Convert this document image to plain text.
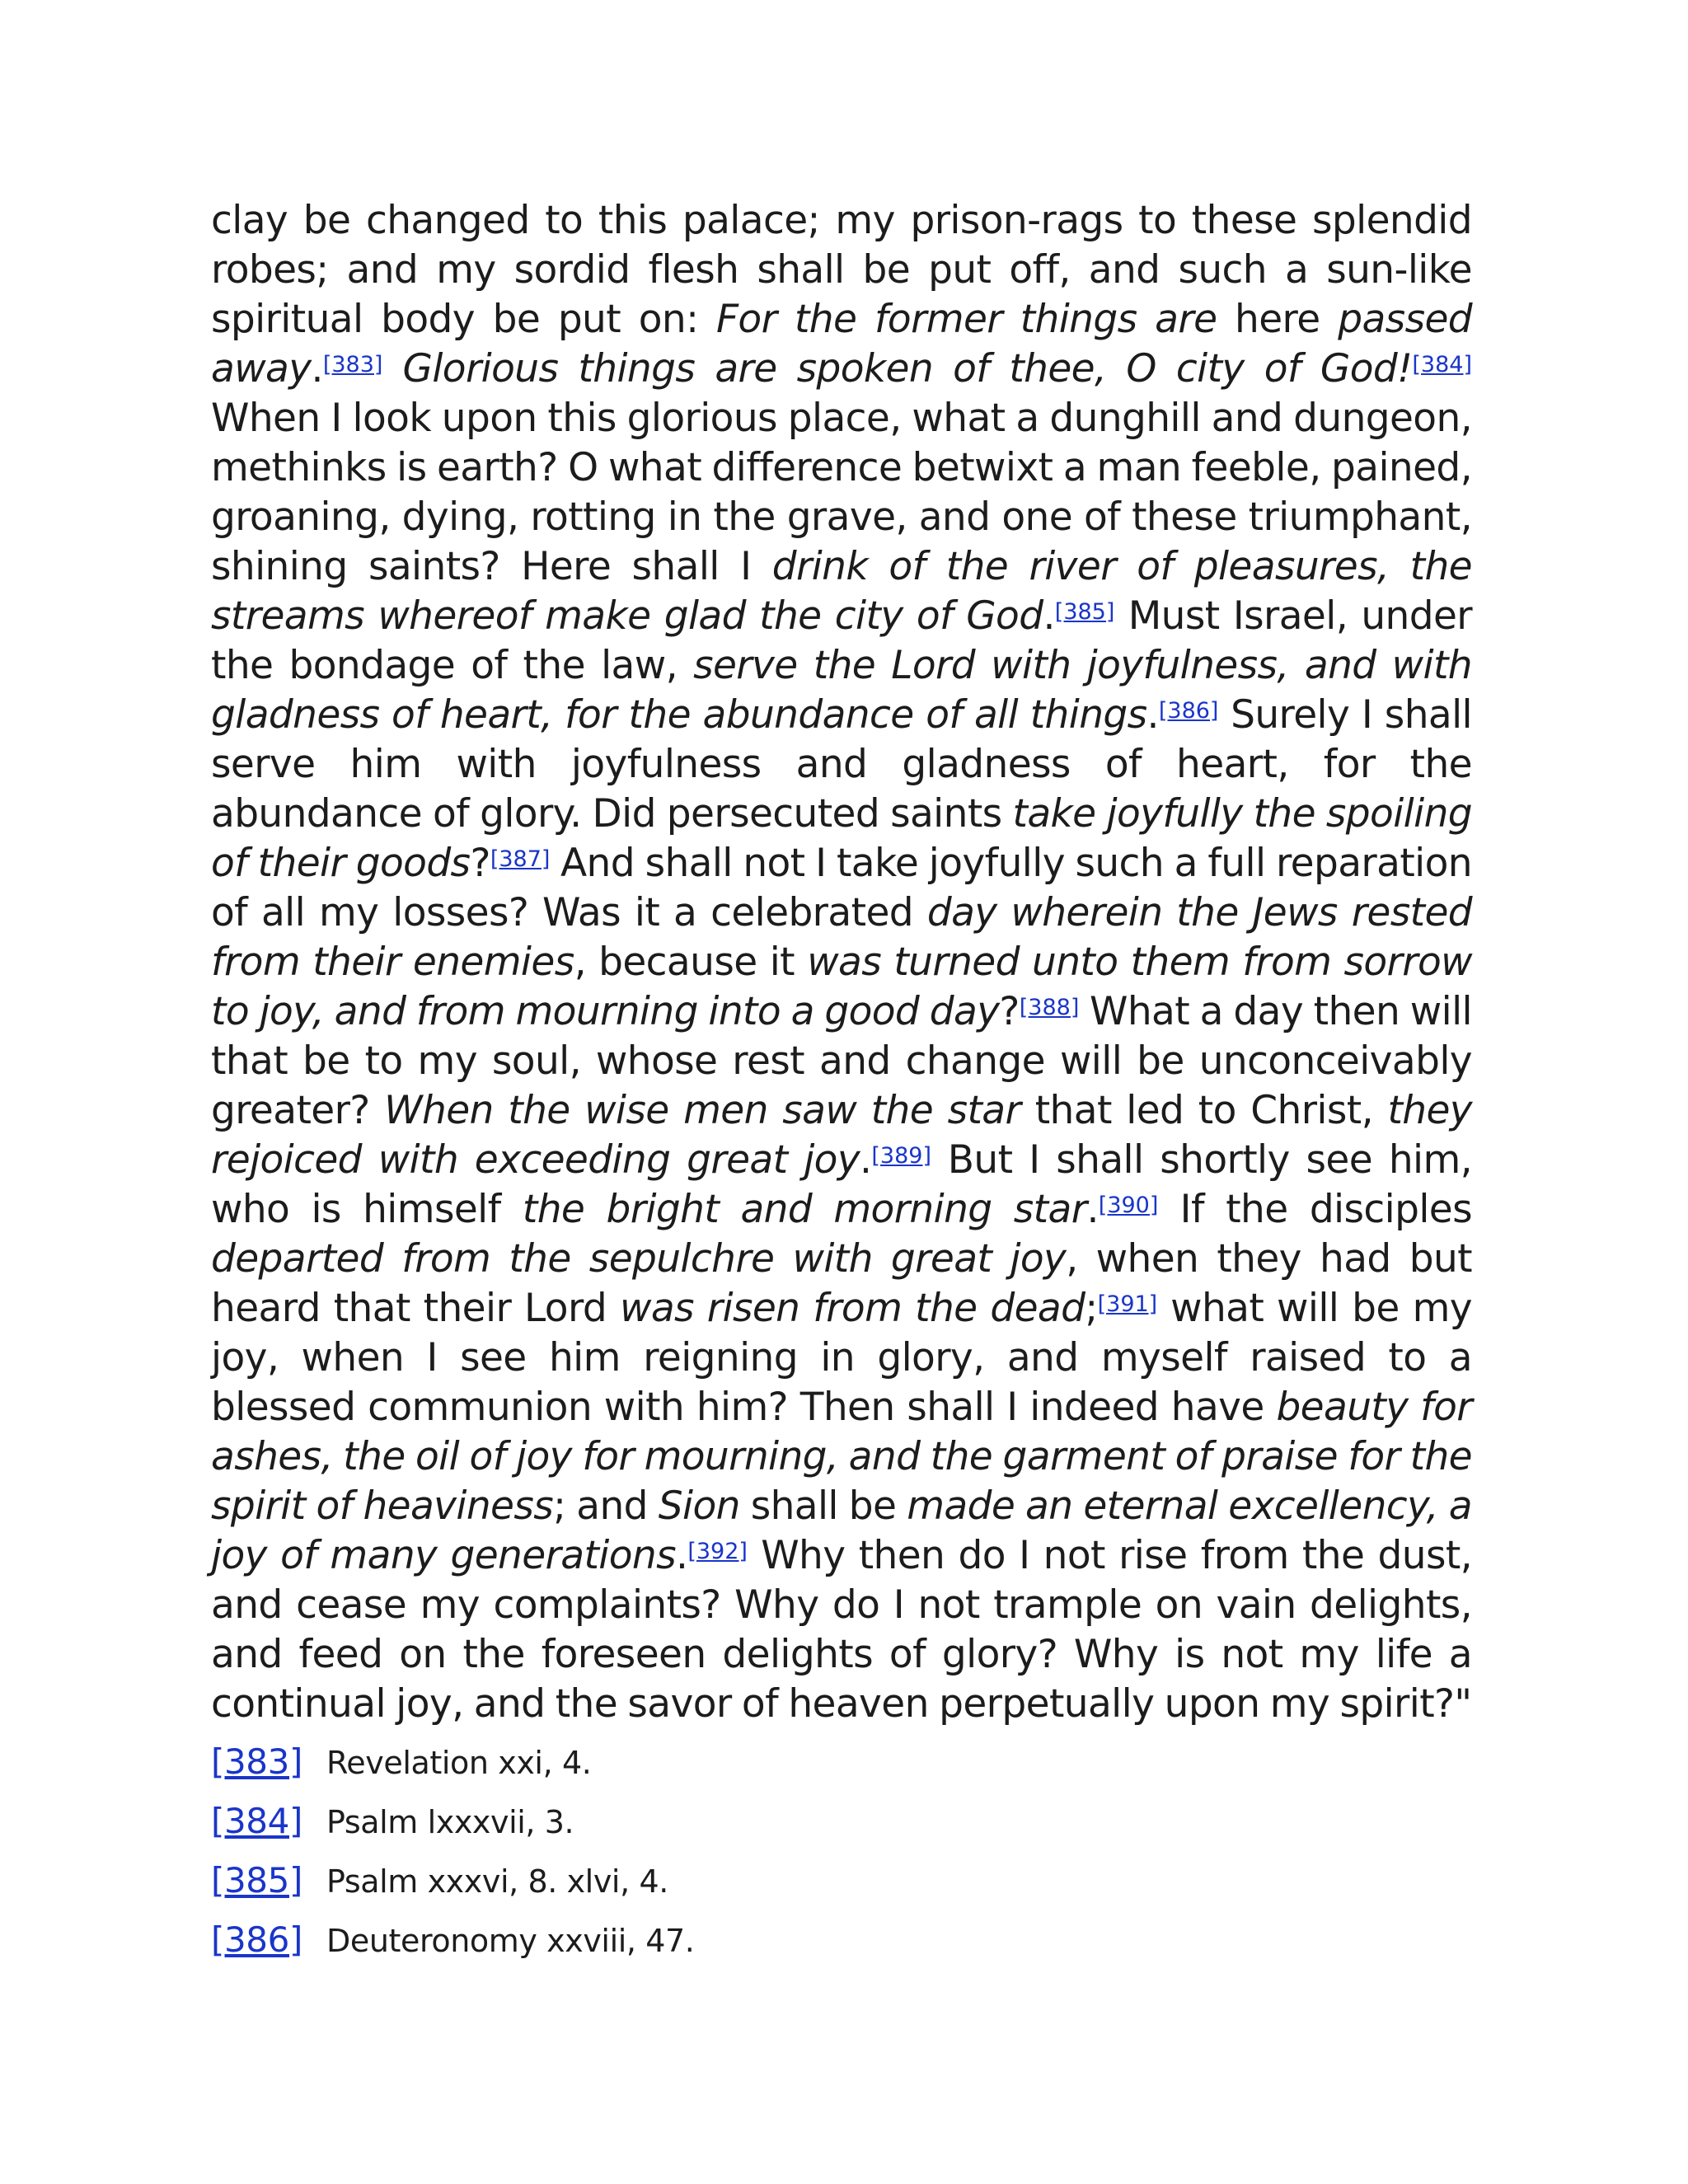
clay be changed to this palace; my prison-rags to these splendid robes; and my sordid flesh shall be put off, and such a sun-like spiritual body be put on: For the former things are here passed away.[383] Glorious things are spoken of thee, O city of God![384] When I look upon this glorious place, what a dunghill and dungeon, methinks is earth? O what difference betwixt a man feeble, pained, groaning, dying, rotting in the grave, and one of these triumphant, shining saints? Here shall I drink of the river of pleasures, the streams whereof make glad the city of God.[385] Must Israel, under the bondage of the law, serve the Lord with joyfulness, and with gladness of heart, for the abundance of all things.[386] Surely I shall serve him with joyfulness and gladness of heart, for the abundance of glory. Did persecuted saints take joyfully the spoiling of their goods?[387] And shall not I take joyfully such a full reparation of all my losses? Was it a celebrated day wherein the Jews rested from their enemies, because it was turned unto them from sorrow to joy, and from mourning into a good day?[388] What a day then will that be to my soul, whose rest and change will be unconceivably greater? When the wise men saw the star that led to Christ, they rejoiced with exceeding great joy.[389] But I shall shortly see him, who is himself the bright and morning star.[390] If the disciples departed from the sepulchre with great joy, when they had but heard that their Lord was risen from the dead;[391] what will be my joy, when I see him reigning in glory, and myself raised to a blessed communion with him? Then shall I indeed have beauty for ashes, the oil of joy for mourning, and the garment of praise for the spirit of heaviness; and Sion shall be made an eternal excellency, a joy of many generations.[392] Why then do I not rise from the dust, and cease my complaints? Why do I not trample on vain delights, and feed on the foreseen delights of glory? Why is not my life a continual joy, and the savor of heaven perpetually upon my spirit?"

[383] Revelation xxi, 4.
[384] Psalm lxxxvii, 3.
[385] Psalm xxxvi, 8. xlvi, 4.
[386] Deuteronomy xxviii, 47.
